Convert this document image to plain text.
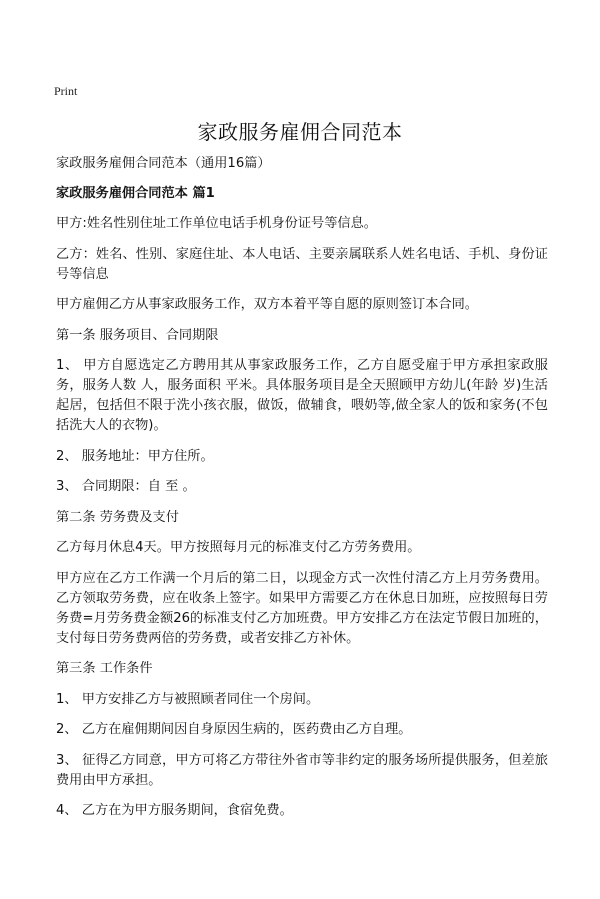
Print
家政服务雇佣合同范本

家政服务雇佣合同范本（通用16篇）

家政服务雇佣合同范本 篇1

甲方:姓名性别住址工作单位电话手机身份证号等信息。

乙方：姓名、性别、家庭住址、本人电话、主要亲属联系人姓名电话、手机、身份证号等信息

甲方雇佣乙方从事家政服务工作，双方本着平等自愿的原则签订本合同。

第一条 服务项目、合同期限

1、 甲方自愿选定乙方聘用其从事家政服务工作，乙方自愿受雇于甲方承担家政服务，服务人数 人，服务面积 平米。具体服务项目是全天照顾甲方幼儿(年龄 岁)生活起居，包括但不限于洗小孩衣服，做饭，做辅食，喂奶等,做全家人的饭和家务(不包括洗大人的衣物)。

2、 服务地址：甲方住所。

3、 合同期限：自 至 。

第二条 劳务费及支付

乙方每月休息4天。甲方按照每月元的标准支付乙方劳务费用。

甲方应在乙方工作满一个月后的第二日，以现金方式一次性付清乙方上月劳务费用。乙方领取劳务费，应在收条上签字。如果甲方需要乙方在休息日加班，应按照每日劳务费=月劳务费金额26的标准支付乙方加班费。甲方安排乙方在法定节假日加班的，支付每日劳务费两倍的劳务费，或者安排乙方补休。

第三条 工作条件

1、 甲方安排乙方与被照顾者同住一个房间。

2、 乙方在雇佣期间因自身原因生病的，医药费由乙方自理。

3、 征得乙方同意，甲方可将乙方带往外省市等非约定的服务场所提供服务，但差旅费用由甲方承担。

4、 乙方在为甲方服务期间，食宿免费。
